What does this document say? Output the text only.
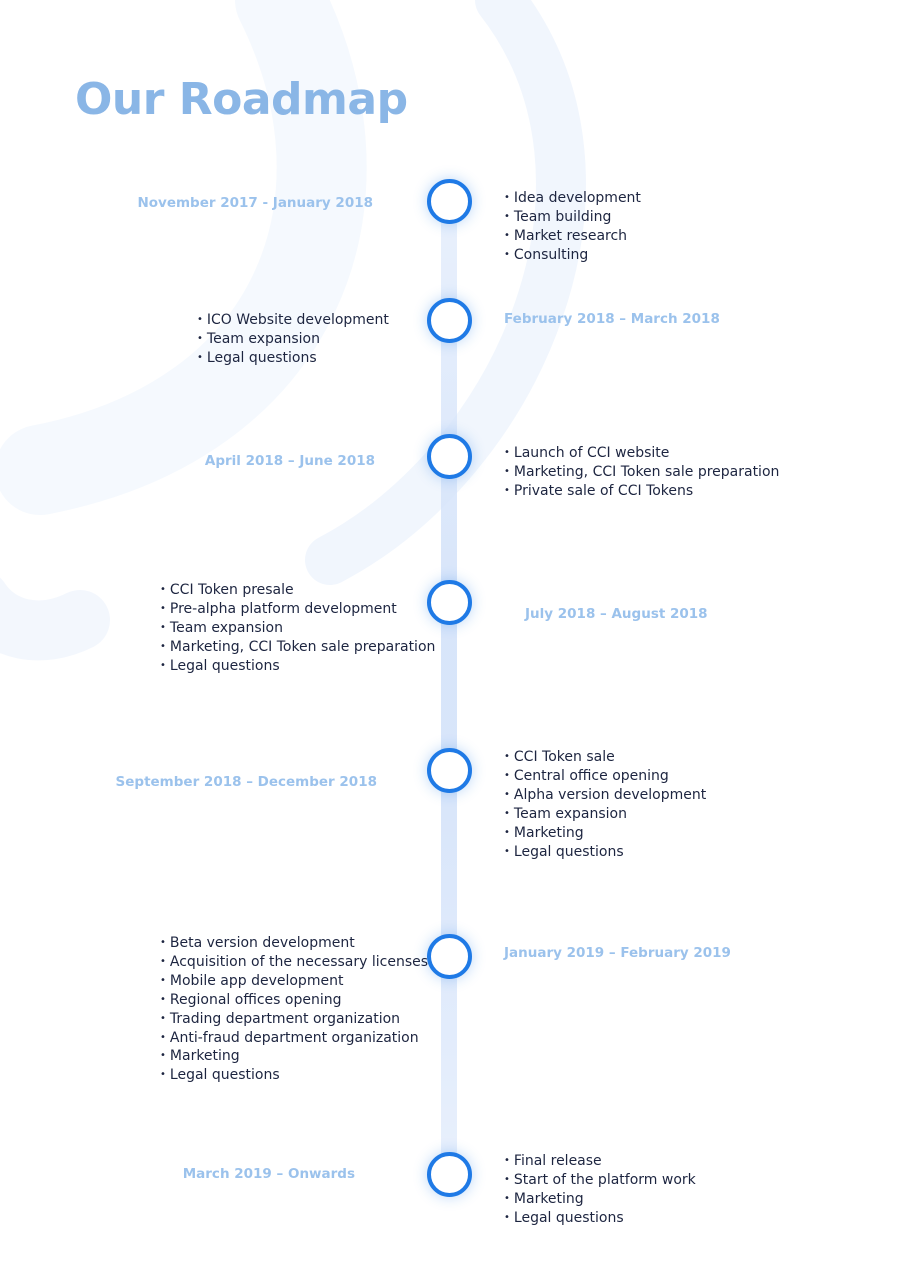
Our Roadmap
November 2017 - January 2018	• Idea development
• Team building
• Market research
• Consulting
February 2018 – March 2018
• ICO Website development
• Team expansion
• Legal questions
April 2018 – June 2018	• Launch of CCI website
• Marketing, CCI Token sale preparation
• Private sale of CCI Tokens
July 2018 – August 2018
• CCI Token presale
• Pre-alpha platform development
• Team expansion
• Marketing, CCI Token sale preparation
• Legal questions
September 2018 – December 2018
• CCI Token sale
• Central office opening
• Alpha version development
• Team expansion
• Marketing
• Legal questions
January 2019 – February 2019
• Beta version development
• Acquisition of the necessary licenses
• Mobile app development
• Regional offices opening
• Trading department organization
• Anti-fraud department organization
• Marketing
• Legal questions
March 2019 – Onwards
• Final release
• Start of the platform work
• Marketing
• Legal questions
